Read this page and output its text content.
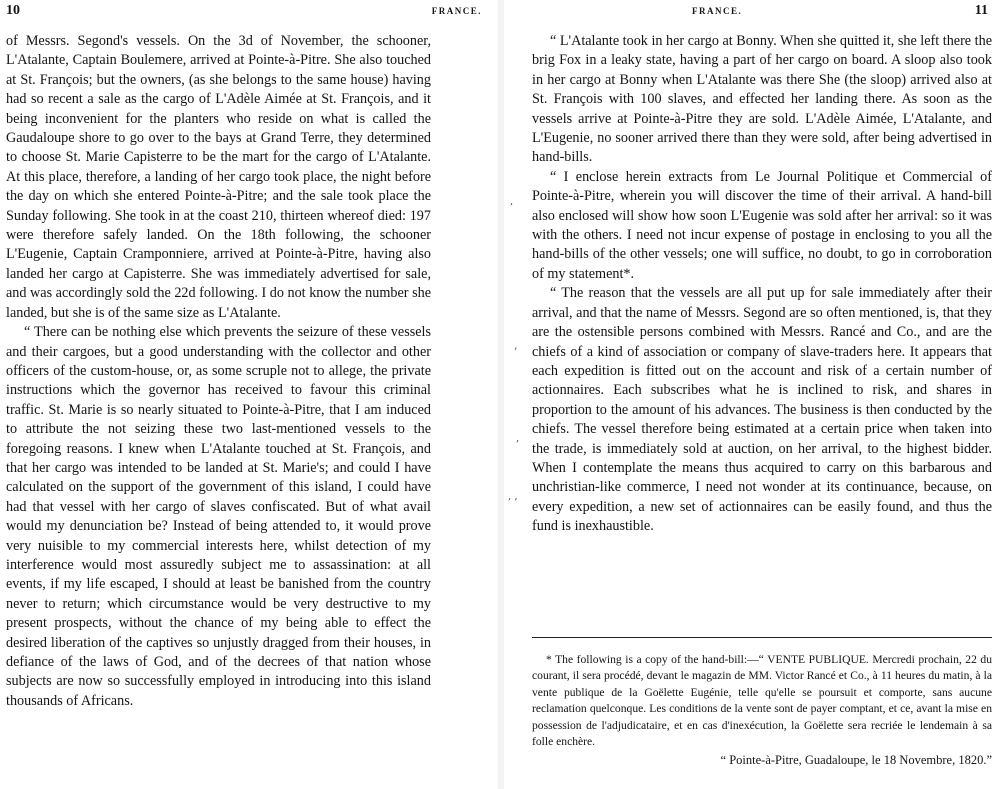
10	FRANCE.

of Messrs. Segond's vessels. On the 3d of November, the schooner, L'Atalante, Captain Boulemere, arrived at Pointe-à-Pitre. She also touched at St. François; but the owners, (as she belongs to the same house) having had so recent a sale as the cargo of L'Adèle Aimée at St. François, and it being inconvenient for the planters who reside on what is called the Gaudaloupe shore to go over to the bays at Grand Terre, they determined to choose St. Marie Capisterre to be the mart for the cargo of L'Atalante. At this place, therefore, a landing of her cargo took place, the night before the day on which she entered Pointe-à-Pitre; and the sale took place the Sunday following. She took in at the coast 210, thirteen whereof died: 197 were therefore safely landed. On the 18th following, the schooner L'Eugenie, Captain Cramponniere, arrived at Pointe-à-Pitre, having also landed her cargo at Capisterre. She was immediately advertised for sale, and was accordingly sold the 22d following. I do not know the number she landed, but she is of the same size as L'Atalante.

“ There can be nothing else which prevents the seizure of these vessels and their cargoes, but a good understanding with the collector and other officers of the custom-house, or, as some scruple not to allege, the private instructions which the governor has received to favour this criminal traffic. St. Marie is so nearly situated to Pointe-à-Pitre, that I am induced to attribute the not seizing these two last-mentioned vessels to the foregoing reasons. I knew when L'Atalante touched at St. François, and that her cargo was intended to be landed at St. Marie's; and could I have calculated on the support of the government of this island, I could have had that vessel with her cargo of slaves confiscated. But of what avail would my denunciation be? Instead of being attended to, it would prove very nuisible to my commercial interests here, whilst detection of my interference would most assuredly subject me to assassination: at all events, if my life escaped, I should at least be banished from the country never to return; which circumstance would be very destructive to my present prospects, without the chance of my being able to effect the desired liberation of the captives so unjustly dragged from their houses, in defiance of the laws of God, and of the decrees of that nation whose subjects are now so successfully employed in introducing into this island thousands of Africans.

,
’
‚
‚ ‚
FRANCE.	11

“ L'Atalante took in her cargo at Bonny. When she quitted it, she left there the brig Fox in a leaky state, having a part of her cargo on board. A sloop also took in her cargo at Bonny when L'Atalante was there She (the sloop) arrived also at St. François with 100 slaves, and effected her landing there. As soon as the vessels arrive at Pointe-à-Pitre they are sold. L'Adèle Aimée, L'Atalante, and L'Eugenie, no sooner arrived there than they were sold, after being advertised in hand-bills.

“ I enclose herein extracts from Le Journal Politique et Commercial of Pointe-à-Pitre, wherein you will discover the time of their arrival. A hand-bill also enclosed will show how soon L'Eugenie was sold after her arrival: so it was with the others. I need not incur expense of postage in enclosing to you all the hand-bills of the other vessels; one will suffice, no doubt, to go in corroboration of my statement*.

“ The reason that the vessels are all put up for sale immediately after their arrival, and that the name of Messrs. Segond are so often mentioned, is, that they are the ostensible persons combined with Messrs. Rancé and Co., and are the chiefs of a kind of association or company of slave-traders here. It appears that each expedition is fitted out on the account and risk of a certain number of actionnaires. Each subscribes what he is inclined to risk, and shares in proportion to the amount of his advances. The business is then conducted by the chiefs. The vessel therefore being estimated at a certain price when taken into the trade, is immediately sold at auction, on her arrival, to the highest bidder. When I contemplate the means thus acquired to carry on this barbarous and unchristian-like commerce, I need not wonder at its continuance, because, on every expedition, a new set of actionnaires can be easily found, and thus the fund is inexhaustible.

* The following is a copy of the hand-bill:—“ VENTE PUBLIQUE. Mercredi prochain, 22 du courant, il sera procédé, devant le magazin de MM. Victor Rancé et Co., à 11 heures du matin, à la vente publique de la Goëlette Eugénie, telle qu'elle se poursuit et comporte, sans aucune reclamation quelconque. Les conditions de la vente sont de payer comptant, et ce, avant la mise en possession de l'adjudicataire, et en cas d'inexécution, la Goëlette sera recriée le lendemain à sa folle enchère.

“ Pointe-à-Pitre, Guadaloupe, le 18 Novembre, 1820.”
